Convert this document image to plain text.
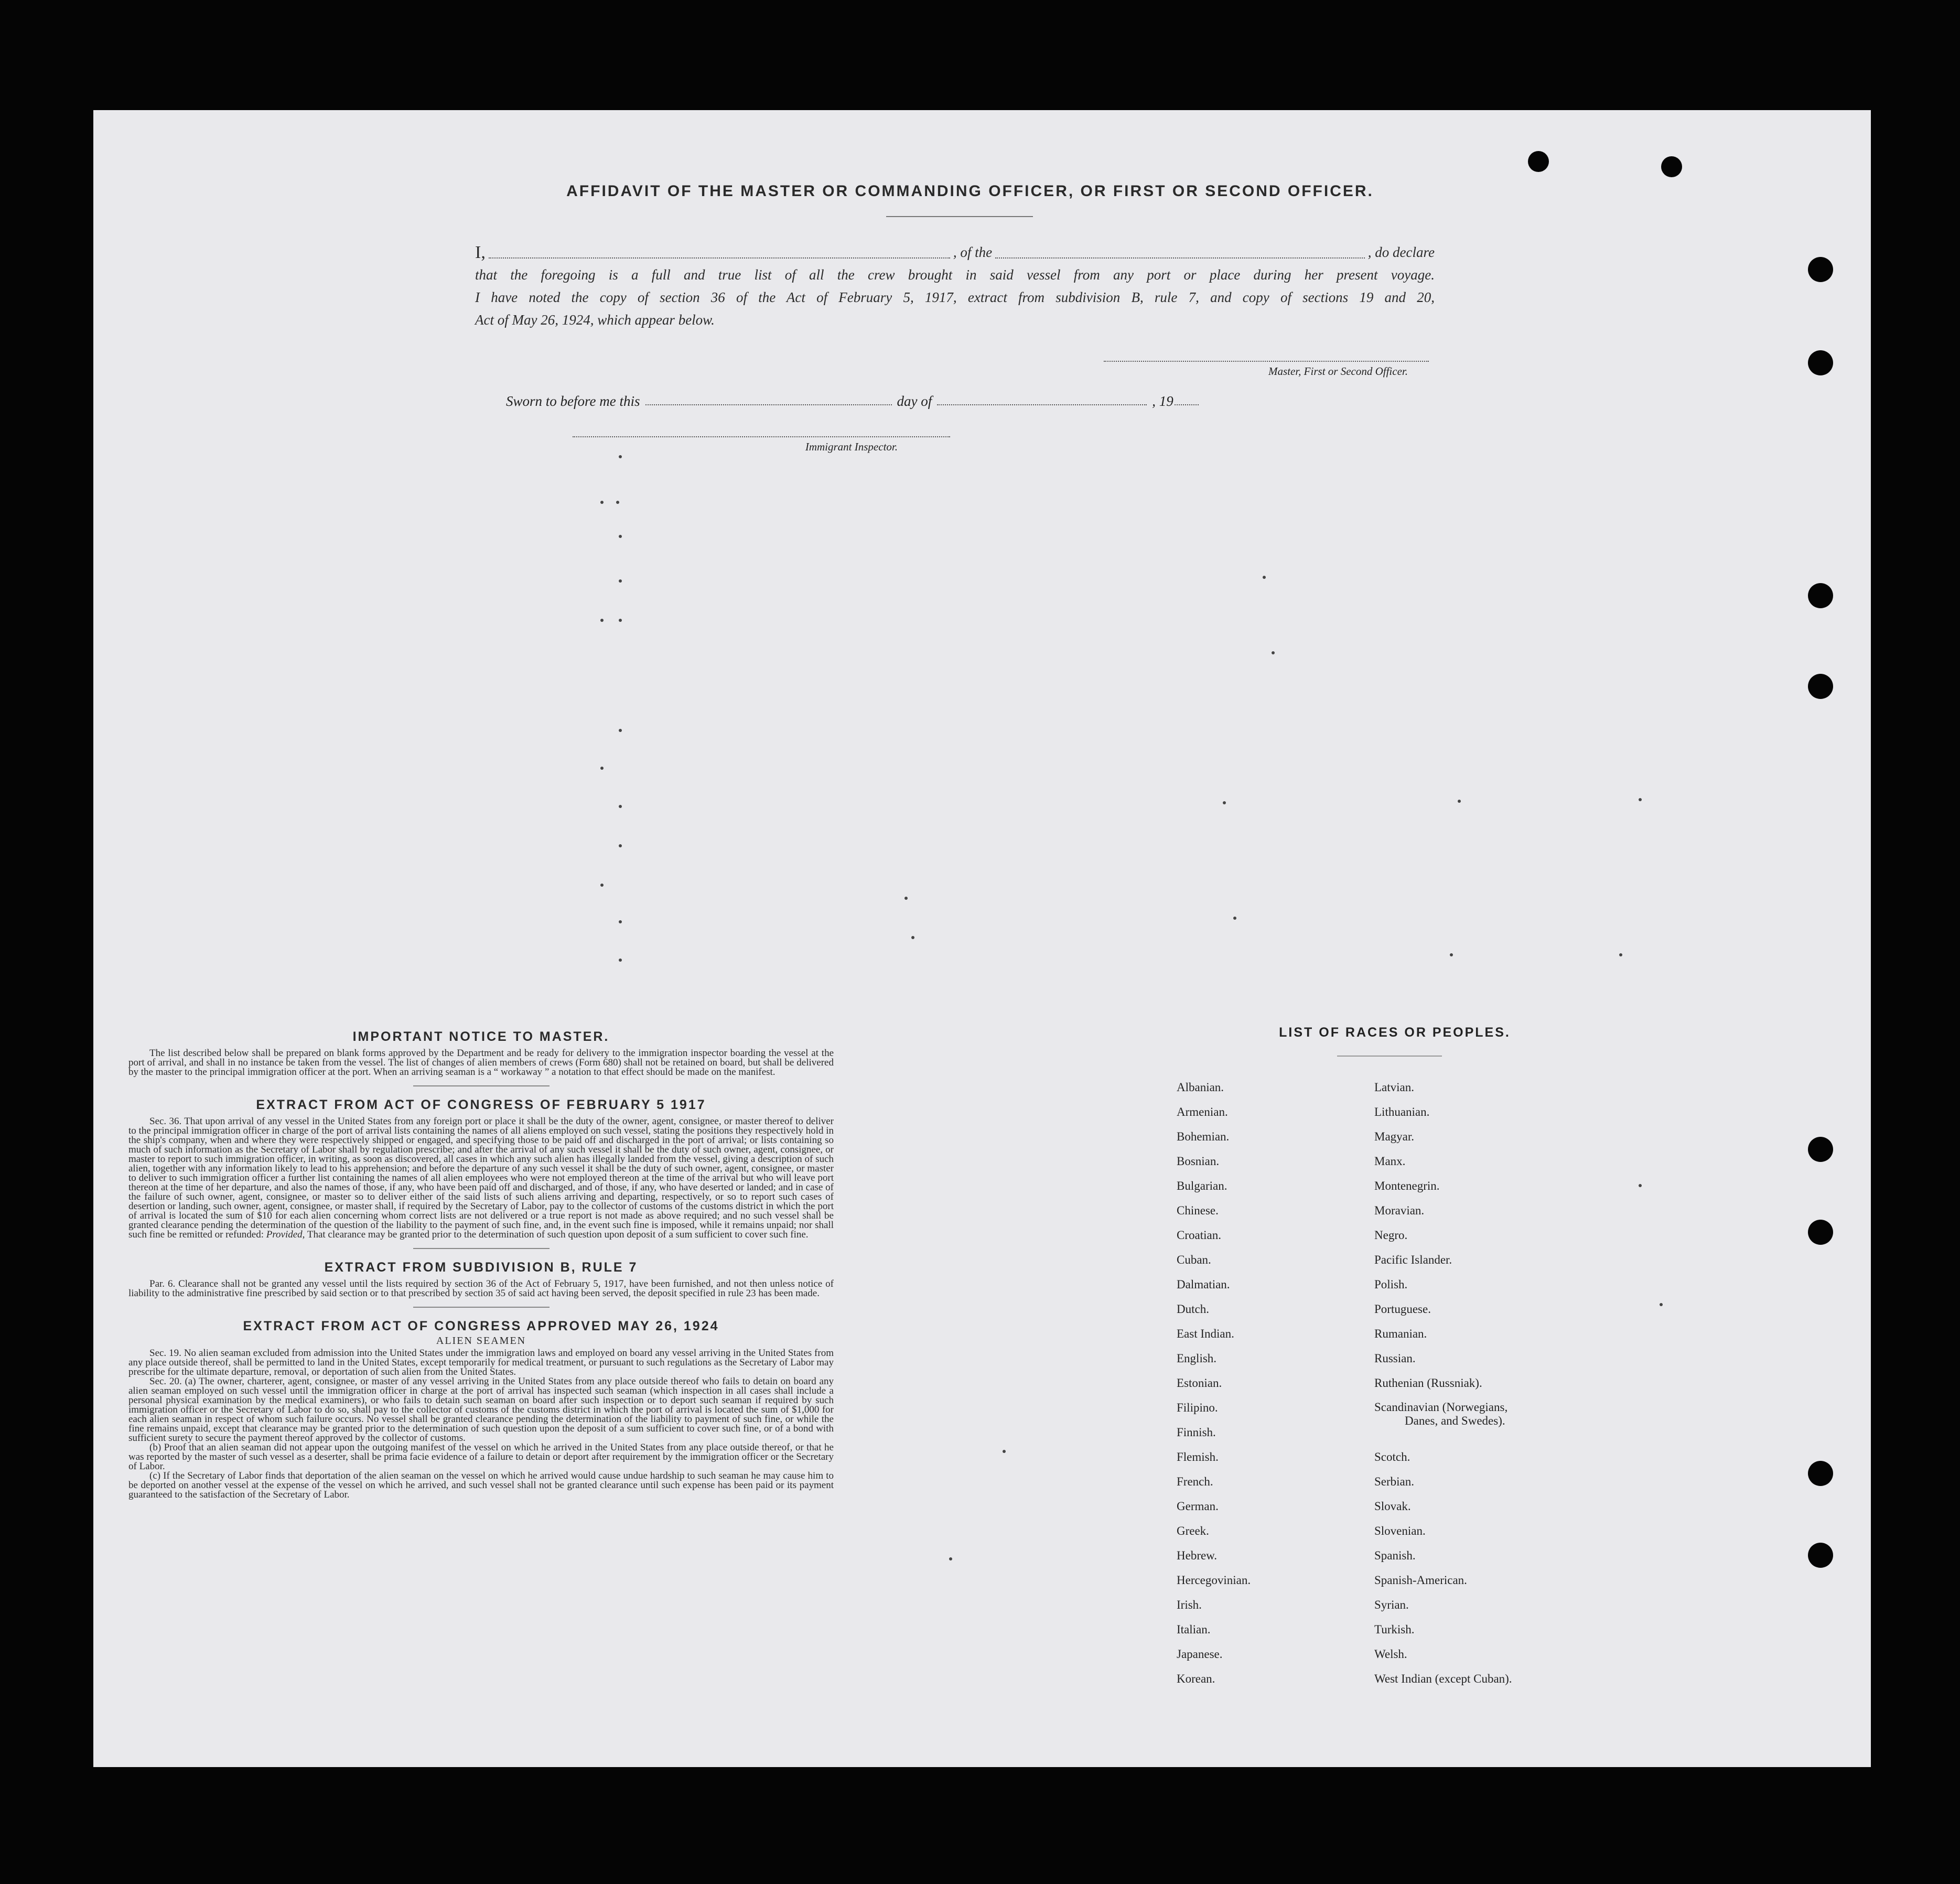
AFFIDAVIT OF THE MASTER OR COMMANDING OFFICER, OR FIRST OR SECOND OFFICER.
I,	, of the	, do declare
that the foregoing is a full and true list of all the crew brought in said vessel from any port or place during her present voyage.
I have noted the copy of section 36 of the Act of February 5, 1917, extract from subdivision B, rule 7, and copy of sections 19 and 20,
Act of May 26, 1924, which appear below.
Master, First or Second Officer.
Sworn to before me this	day of	, 19
Immigrant Inspector.
IMPORTANT NOTICE TO MASTER.

The list described below shall be prepared on blank forms approved by the Department and be ready for delivery to the immigration inspector boarding the vessel at the port of arrival, and shall in no instance be taken from the vessel. The list of changes of alien members of crews (Form 680) shall not be retained on board, but shall be delivered by the master to the principal immigration officer at the port. When an arriving seaman is a “ workaway ” a notation to that effect should be made on the manifest.

EXTRACT FROM ACT OF CONGRESS OF FEBRUARY 5 1917

Sec. 36. That upon arrival of any vessel in the United States from any foreign port or place it shall be the duty of the owner, agent, consignee, or master thereof to deliver to the principal immigration officer in charge of the port of arrival lists containing the names of all aliens employed on such vessel, stating the positions they respectively hold in the ship's company, when and where they were respectively shipped or engaged, and specifying those to be paid off and discharged in the port of arrival; or lists containing so much of such information as the Secretary of Labor shall by regulation prescribe; and after the arrival of any such vessel it shall be the duty of such owner, agent, consignee, or master to report to such immigration officer, in writing, as soon as discovered, all cases in which any such alien has illegally landed from the vessel, giving a description of such alien, together with any information likely to lead to his apprehension; and before the departure of any such vessel it shall be the duty of such owner, agent, consignee, or master to deliver to such immigration officer a further list containing the names of all alien employees who were not employed thereon at the time of the arrival but who will leave port thereon at the time of her departure, and also the names of those, if any, who have been paid off and discharged, and of those, if any, who have deserted or landed; and in case of the failure of such owner, agent, consignee, or master so to deliver either of the said lists of such aliens arriving and departing, respectively, or so to report such cases of desertion or landing, such owner, agent, consignee, or master shall, if required by the Secretary of Labor, pay to the collector of customs of the customs district in which the port of arrival is located the sum of $10 for each alien concerning whom correct lists are not delivered or a true report is not made as above required; and no such vessel shall be granted clearance pending the determination of the question of the liability to the payment of such fine, and, in the event such fine is imposed, while it remains unpaid; nor shall such fine be remitted or refunded: Provided, That clearance may be granted prior to the determination of such question upon deposit of a sum sufficient to cover such fine.

EXTRACT FROM SUBDIVISION B, RULE 7

Par. 6. Clearance shall not be granted any vessel until the lists required by section 36 of the Act of February 5, 1917, have been furnished, and not then unless notice of liability to the administrative fine prescribed by said section or to that prescribed by section 35 of said act having been served, the deposit specified in rule 23 has been made.

EXTRACT FROM ACT OF CONGRESS APPROVED MAY 26, 1924
ALIEN SEAMEN

Sec. 19. No alien seaman excluded from admission into the United States under the immigration laws and employed on board any vessel arriving in the United States from any place outside thereof, shall be permitted to land in the United States, except temporarily for medical treatment, or pursuant to such regulations as the Secretary of Labor may prescribe for the ultimate departure, removal, or deportation of such alien from the United States.

Sec. 20. (a) The owner, charterer, agent, consignee, or master of any vessel arriving in the United States from any place outside thereof who fails to detain on board any alien seaman employed on such vessel until the immigration officer in charge at the port of arrival has inspected such seaman (which inspection in all cases shall include a personal physical examination by the medical examiners), or who fails to detain such seaman on board after such inspection or to deport such seaman if required by such immigration officer or the Secretary of Labor to do so, shall pay to the collector of customs of the customs district in which the port of arrival is located the sum of $1,000 for each alien seaman in respect of whom such failure occurs. No vessel shall be granted clearance pending the determination of the liability to payment of such fine, or while the fine remains unpaid, except that clearance may be granted prior to the determination of such question upon the deposit of a sum sufficient to cover such fine, or of a bond with sufficient surety to secure the payment thereof approved by the collector of customs.

(b) Proof that an alien seaman did not appear upon the outgoing manifest of the vessel on which he arrived in the United States from any place outside thereof, or that he was reported by the master of such vessel as a deserter, shall be prima facie evidence of a failure to detain or deport after requirement by the immigration officer or the Secretary of Labor.

(c) If the Secretary of Labor finds that deportation of the alien seaman on the vessel on which he arrived would cause undue hardship to such seaman he may cause him to be deported on another vessel at the expense of the vessel on which he arrived, and such vessel shall not be granted clearance until such expense has been paid or its payment guaranteed to the satisfaction of the Secretary of Labor.

LIST OF RACES OR PEOPLES.
Albanian.
Armenian.
Bohemian.
Bosnian.
Bulgarian.
Chinese.
Croatian.
Cuban.
Dalmatian.
Dutch.
East Indian.
English.
Estonian.
Filipino.
Finnish.
Flemish.
French.
German.
Greek.
Hebrew.
Hercegovinian.
Irish.
Italian.
Japanese.
Korean.
Latvian.
Lithuanian.
Magyar.
Manx.
Montenegrin.
Moravian.
Negro.
Pacific Islander.
Polish.
Portuguese.
Rumanian.
Russian.
Ruthenian (Russniak).
Scandinavian (Norwegians,
Danes, and Swedes).
Scotch.
Serbian.
Slovak.
Slovenian.
Spanish.
Spanish-American.
Syrian.
Turkish.
Welsh.
West Indian (except Cuban).
